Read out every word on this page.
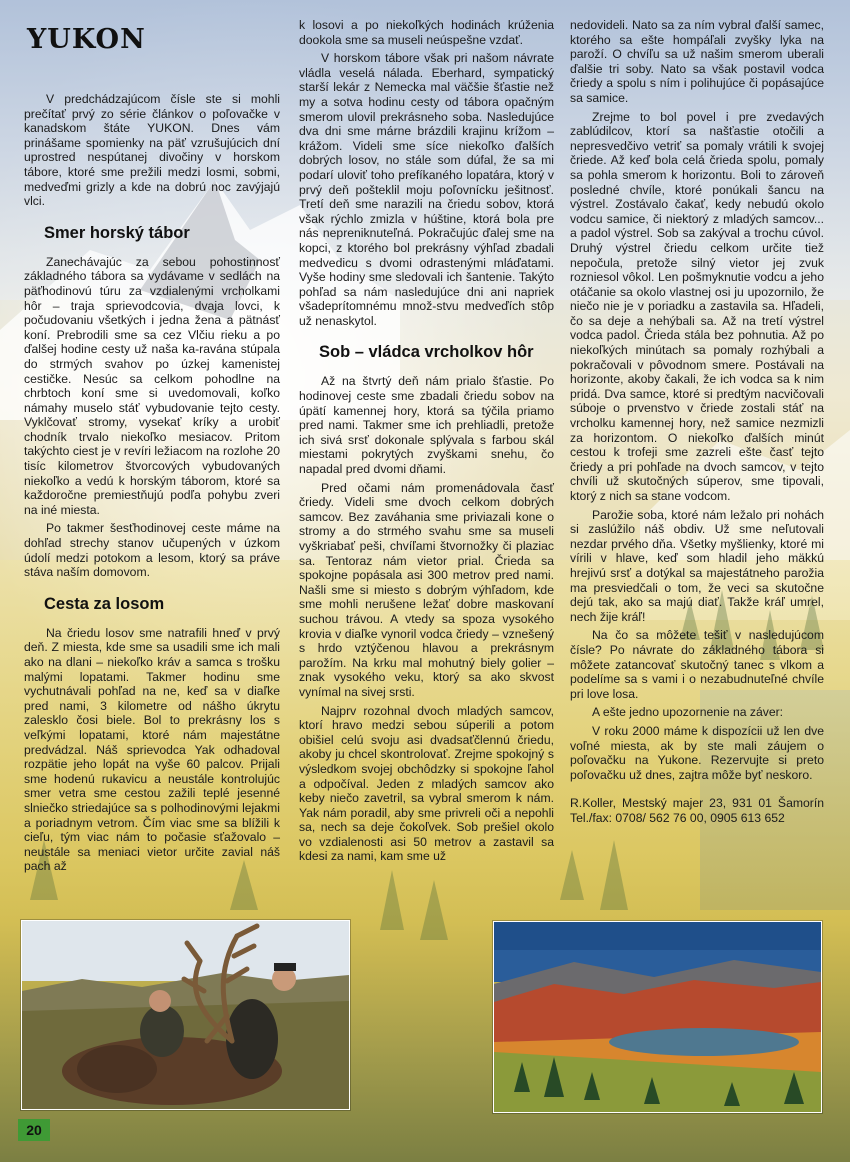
YUKON

V predchádzajúcom čísle ste si mohli prečítať prvý zo série článkov o poľovačke v kanadskom štáte YUKON. Dnes vám prinášame spomienky na päť vzrušujúcich dní uprostred nespútanej divočiny v horskom tábore, ktoré sme prežili medzi losmi, sobmi, medveďmi grizly a kde na dobrú noc zavýjajú vlci.

Smer horský tábor

Zanechávajúc za sebou pohostinnosť základného tábora sa vydávame v sedlách na päťhodinovú túru za vzdialenými vrcholkami hôr – traja sprievodcovia, dvaja lovci, k počudovaniu všetkých i jedna žena a pätnásť koní. Prebrodili sme sa cez Vlčiu rieku a po ďalšej hodine cesty už naša ka-ravána stúpala do strmých svahov po úzkej kamenistej cestičke. Nesúc sa celkom pohodlne na chrbtoch koní sme si uvedomovali, koľko námahy muselo stáť vybudovanie tejto cesty. Vyklčovať stromy, vysekať kríky a urobiť chodník trvalo niekoľko mesiacov. Pritom takýchto ciest je v revíri ležiacom na rozlohe 20 tisíc kilometrov štvorcových vybudovaných niekoľko a vedú k horským táborom, ktoré sa každoročne premiestňujú podľa pohybu zveri na iné miesta.

Po takmer šesťhodinovej ceste máme na dohľad strechy stanov učupených v úzkom údolí medzi potokom a lesom, ktorý sa práve stáva naším domovom.

Cesta za losom

Na čriedu losov sme natrafili hneď v prvý deň. Z miesta, kde sme sa usadili sme ich mali ako na dlani – niekoľko kráv a samca s trošku malými lopatami. Takmer hodinu sme vychutnávali pohľad na ne, keď sa v diaľke pred nami, 3 kilometre od nášho úkrytu zalesklo čosi biele. Bol to prekrásny los s veľkými lopatami, ktoré nám majestátne predvádzal. Náš sprievodca Yak odhadoval rozpätie jeho lopát na vyše 60 palcov. Prijali sme hodenú rukavicu a neustále kontrolujúc smer vetra sme cestou zažili teplé jesenné slniečko striedajúce sa s polhodinovými lejakmi a poriadnym vetrom. Čím viac sme sa blížili k cieľu, tým viac nám to počasie sťažovalo – neustále sa meniaci vietor určite zavial náš pach až

k losovi a po niekoľkých hodinách krúženia dookola sme sa museli neúspešne vzdať.

V horskom tábore však pri našom návrate vládla veselá nálada. Eberhard, sympatický starší lekár z Nemecka mal väčšie šťastie než my a sotva hodinu cesty od tábora opačným smerom ulovil prekrásneho soba. Nasledujúce dva dni sme márne brázdili krajinu krížom – krážom. Videli sme síce niekoľko ďalších dobrých losov, no stále som dúfal, že sa mi podarí uloviť toho prefíkaného lopatára, ktorý v prvý deň pošteklil moju poľovnícku ješitnosť. Tretí deň sme narazili na čriedu sobov, ktorá však rýchlo zmizla v húštine, ktorá bola pre nás nepreniknuteľná. Pokračujúc ďalej sme na kopci, z ktorého bol prekrásny výhľad zbadali medvedicu s dvomi odrastenými mláďatami. Vyše hodiny sme sledovali ich šantenie. Takýto pohľad sa nám nasledujúce dni ani napriek všadeprítomnému množ-stvu medveďích stôp už nenaskytol.

Sob – vládca vrcholkov hôr

Až na štvrtý deň nám prialo šťastie. Po hodinovej ceste sme zbadali čriedu sobov na úpätí kamennej hory, ktorá sa týčila priamo pred nami. Takmer sme ich prehliadli, pretože ich sivá srsť dokonale splývala s farbou skál miestami pokrytých zvyškami snehu, čo napadal pred dvomi dňami.

Pred očami nám promenádovala časť čriedy. Videli sme dvoch celkom dobrých samcov. Bez zaváhania sme priviazali kone o stromy a do strmého svahu sme sa museli vyškriabať peši, chvíľami štvornožky či plaziac sa. Tentoraz nám vietor prial. Črieda sa spokojne popásala asi 300 metrov pred nami. Našli sme si miesto s dobrým výhľadom, kde sme mohli nerušene ležať dobre maskovaní suchou trávou. A vtedy sa spoza vysokého krovia v diaľke vynoril vodca čriedy – vznešený s hrdo vztýčenou hlavou a prekrásnym parožím. Na krku mal mohutný biely golier – znak vysokého veku, ktorý sa ako skvost vynímal na sivej srsti.

Najprv rozohnal dvoch mladých samcov, ktorí hravo medzi sebou súperili a potom obišiel celú svoju asi dvadsaťčlennú čriedu, akoby ju chcel skontrolovať. Zrejme spokojný s výsledkom svojej obchôdzky si spokojne ľahol a odpočíval. Jeden z mladých samcov ako keby niečo zavetril, sa vybral smerom k nám. Yak nám poradil, aby sme privreli oči a nepohli sa, nech sa deje čokoľvek. Sob prešiel okolo vo vzdialenosti asi 50 metrov a zastavil sa kdesi za nami, kam sme už

nedovideli. Nato sa za ním vybral ďalší samec, ktorého sa ešte hompáľali zvyšky lyka na paroží. O chvíľu sa už našim smerom uberali ďalšie tri soby. Nato sa však postavil vodca čriedy a spolu s ním i polihujúce či popásajúce sa samice.

Zrejme to bol povel i pre zvedavých zablúdilcov, ktorí sa našťastie otočili a nepresvedčivo vetriť sa pomaly vrátili k svojej čriede. Až keď bola celá črieda spolu, pomaly sa pohla smerom k horizontu. Boli to zároveň posledné chvíle, ktoré ponúkali šancu na výstrel. Zostávalo čakať, kedy nebudú okolo vodcu samice, či niektorý z mladých samcov... a padol výstrel. Sob sa zakýval a trochu cúvol. Druhý výstrel čriedu celkom určite tiež nepočula, pretože silný vietor jej zvuk rozniesol vôkol. Len pošmyknutie vodcu a jeho otáčanie sa okolo vlastnej osi ju upozornilo, že niečo nie je v poriadku a zastavila sa. Hľadeli, čo sa deje a nehýbali sa. Až na tretí výstrel vodca padol. Črieda stála bez pohnutia. Až po niekoľkých minútach sa pomaly rozhýbali a pokračovali v pôvodnom smere. Postávali na horizonte, akoby čakali, že ich vodca sa k nim pridá. Dva samce, ktoré si predtým nacvičovali súboje o prvenstvo v čriede zostali stáť na vrcholku kamennej hory, než samice nezmizli za horizontom. O niekoľko ďalších minút cestou k trofeji sme zazreli ešte časť tejto čriedy a pri pohľade na dvoch samcov, v tejto chvíli už skutočných súperov, sme tipovali, ktorý z nich sa stane vodcom.

Parožie soba, ktoré nám ležalo pri nohách si zaslúžilo náš obdiv. Už sme neľutovali nezdar prvého dňa. Všetky myšlienky, ktoré mi vírili v hlave, keď som hladil jeho mäkkú hrejivú srsť a dotýkal sa majestátneho parožia ma presviedčali o tom, že veci sa skutočne dejú tak, ako sa majú diať. Takže kráľ umrel, nech žije kráľ!

Na čo sa môžete tešiť v nasledujúcom čísle? Po návrate do základného tábora si môžete zatancovať skutočný tanec s vlkom a podelíme sa s vami i o nezabudnuteľné chvíle pri love losa.

A ešte jedno upozornenie na záver:

V roku 2000 máme k dispozícii už len dve voľné miesta, ak by ste mali záujem o poľovačku na Yukone. Rezervujte si preto poľovačku už dnes, zajtra môže byť neskoro.

R.Koller, Mestský majer 23, 931 01 Šamorín Tel./fax: 0708/ 562 76 00, 0905 613 652

20
